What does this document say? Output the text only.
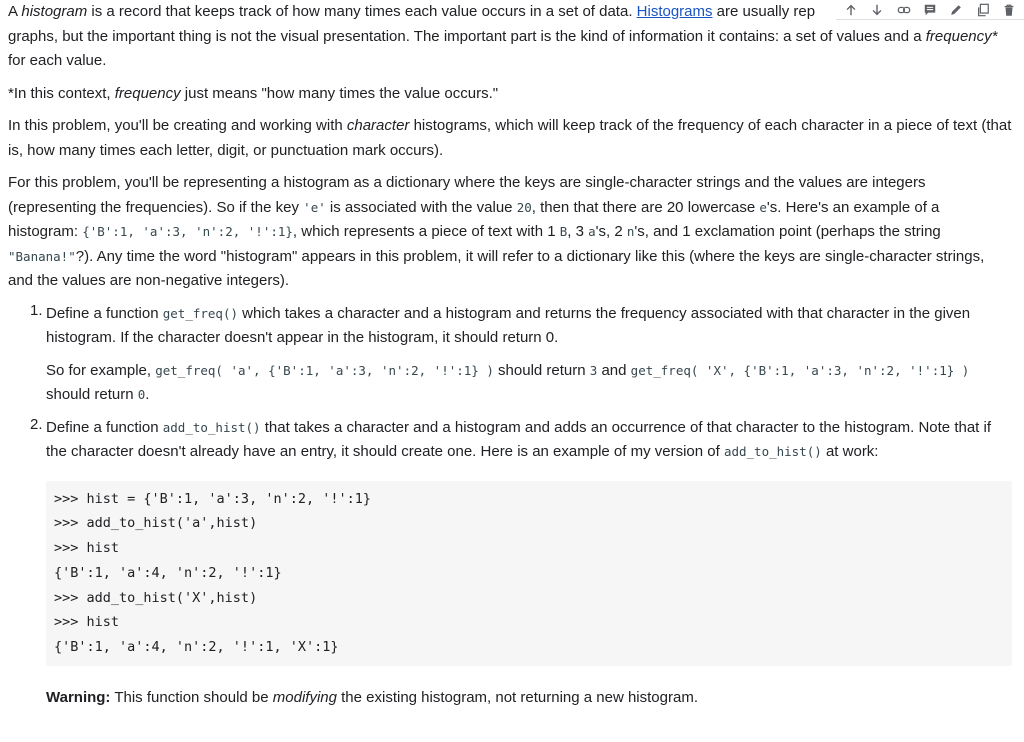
A histogram is a record that keeps track of how many times each value occurs in a set of data. Histograms are usually rep

graphs, but the important thing is not the visual presentation. The important part is the kind of information it contains: a set of values and a frequency* for each value.

*In this context, frequency just means "how many times the value occurs."

In this problem, you'll be creating and working with character histograms, which will keep track of the frequency of each character in a piece of text (that is, how many times each letter, digit, or punctuation mark occurs).

For this problem, you'll be representing a histogram as a dictionary where the keys are single-character strings and the values are integers (representing the frequencies). So if the key 'e' is associated with the value 20, then that there are 20 lowercase e's. Here's an example of a histogram: {'B':1, 'a':3, 'n':2, '!':1}, which represents a piece of text with 1 B, 3 a's, 2 n's, and 1 exclamation point (perhaps the string "Banana!"?). Any time the word "histogram" appears in this problem, it will refer to a dictionary like this (where the keys are single-character strings, and the values are non-negative integers).

1. Define a function get_freq() which takes a character and a histogram and returns the frequency associated with that character in the given histogram. If the character doesn't appear in the histogram, it should return 0.

So for example, get_freq( 'a', {'B':1, 'a':3, 'n':2, '!':1} ) should return 3 and get_freq( 'X', {'B':1, 'a':3, 'n':2, '!':1} ) should return 0.

2. Define a function add_to_hist() that takes a character and a histogram and adds an occurrence of that character to the histogram. Note that if the character doesn't already have an entry, it should create one. Here is an example of my version of add_to_hist() at work:

>>> hist = {'B':1, 'a':3, 'n':2, '!':1}
>>> add_to_hist('a',hist)
>>> hist
{'B':1, 'a':4, 'n':2, '!':1}
>>> add_to_hist('X',hist)
>>> hist
{'B':1, 'a':4, 'n':2, '!':1, 'X':1}

Warning: This function should be modifying the existing histogram, not returning a new histogram.
